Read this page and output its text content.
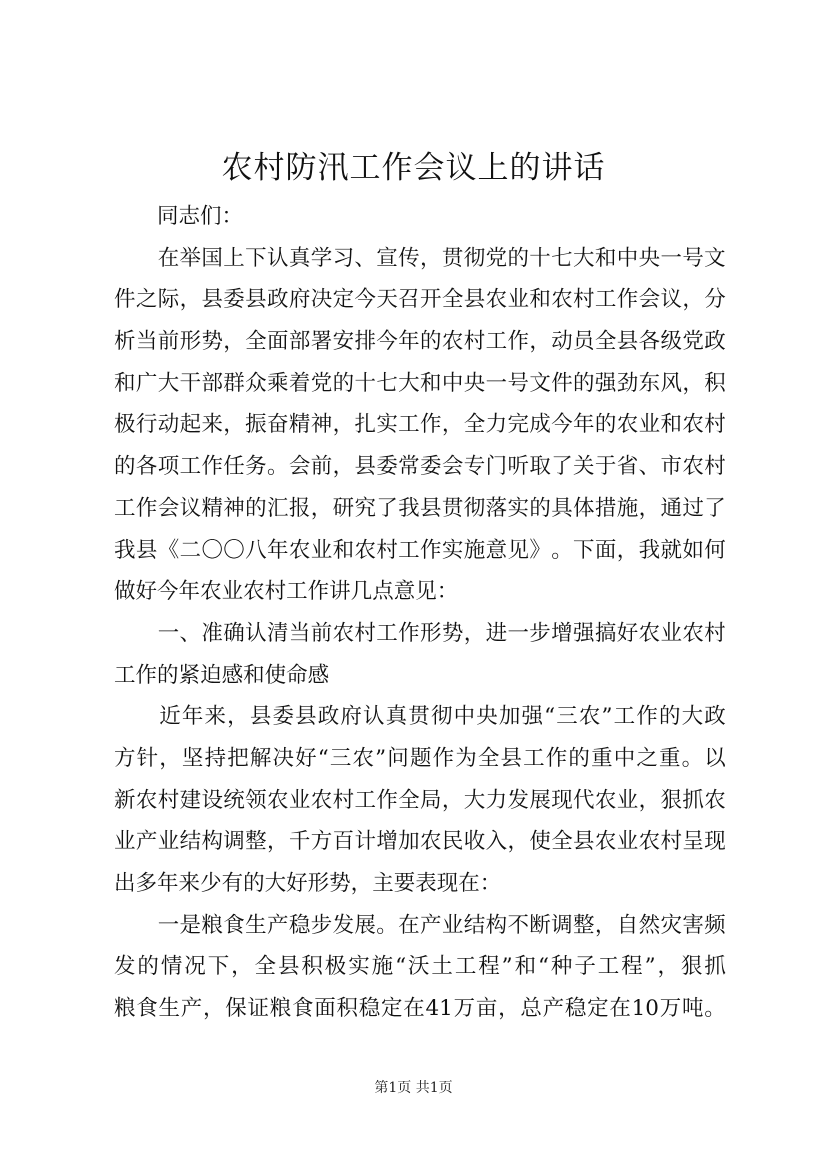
农村防汛工作会议上的讲话

同 志 们 ：

在 举 国 上 下 认 真 学 习 、 宣 传 ， 贯 彻 党 的 十 七 大 和 中 央 一 号 文
件 之 际 ， 县 委 县 政 府 决 定 今 天 召 开 全 县 农 业 和 农 村 工 作 会 议 ， 分
析 当 前 形 势 ， 全 面 部 署 安 排 今 年 的 农 村 工 作 ， 动 员 全 县 各 级 党 政
和 广 大 干 部 群 众 乘 着 党 的 十 七 大 和 中 央 一 号 文 件 的 强 劲 东 风 ， 积
极 行 动 起 来 ， 振 奋 精 神 ， 扎 实 工 作 ， 全 力 完 成 今 年 的 农 业 和 农 村
的 各 项 工 作 任 务 。 会 前 ， 县 委 常 委 会 专 门 听 取 了 关 于 省 、 市 农 村
工 作 会 议 精 神 的 汇 报 ， 研 究 了 我 县 贯 彻 落 实 的 具 体 措 施 ， 通 过 了
我 县 《 二 〇 〇 八 年 农 业 和 农 村 工 作 实 施 意 见 》 。 下 面 ， 我 就 如 何
做 好 今 年 农 业 农 村 工 作 讲 几 点 意 见 ：

一 、 准 确 认 清 当 前 农 村 工 作 形 势 ， 进 一 步 增 强 搞 好 农 业 农 村
工 作 的 紧 迫 感 和 使 命 感

近 年 来 ， 县 委 县 政 府 认 真 贯 彻 中 央 加 强 “ 三 农 ” 工 作 的 大 政
方 针 ， 坚 持 把 解 决 好 “ 三 农 ” 问 题 作 为 全 县 工 作 的 重 中 之 重 。 以
新 农 村 建 设 统 领 农 业 农 村 工 作 全 局 ， 大 力 发 展 现 代 农 业 ， 狠 抓 农
业 产 业 结 构 调 整 ， 千 方 百 计 增 加 农 民 收 入 ， 使 全 县 农 业 农 村 呈 现
出 多 年 来 少 有 的 大 好 形 势 ， 主 要 表 现 在 ：

一 是 粮 食 生 产 稳 步 发 展 。 在 产 业 结 构 不 断 调 整 ， 自 然 灾 害 频
发 的 情 况 下 ， 全 县 积 极 实 施 “ 沃 土 工 程 ” 和 “ 种 子 工 程 ” ， 狠 抓
粮 食 生 产 ， 保 证 粮 食 面 积 稳 定 在 41 万 亩 ， 总 产 稳 定 在 10 万 吨 。
第1页 共1页
